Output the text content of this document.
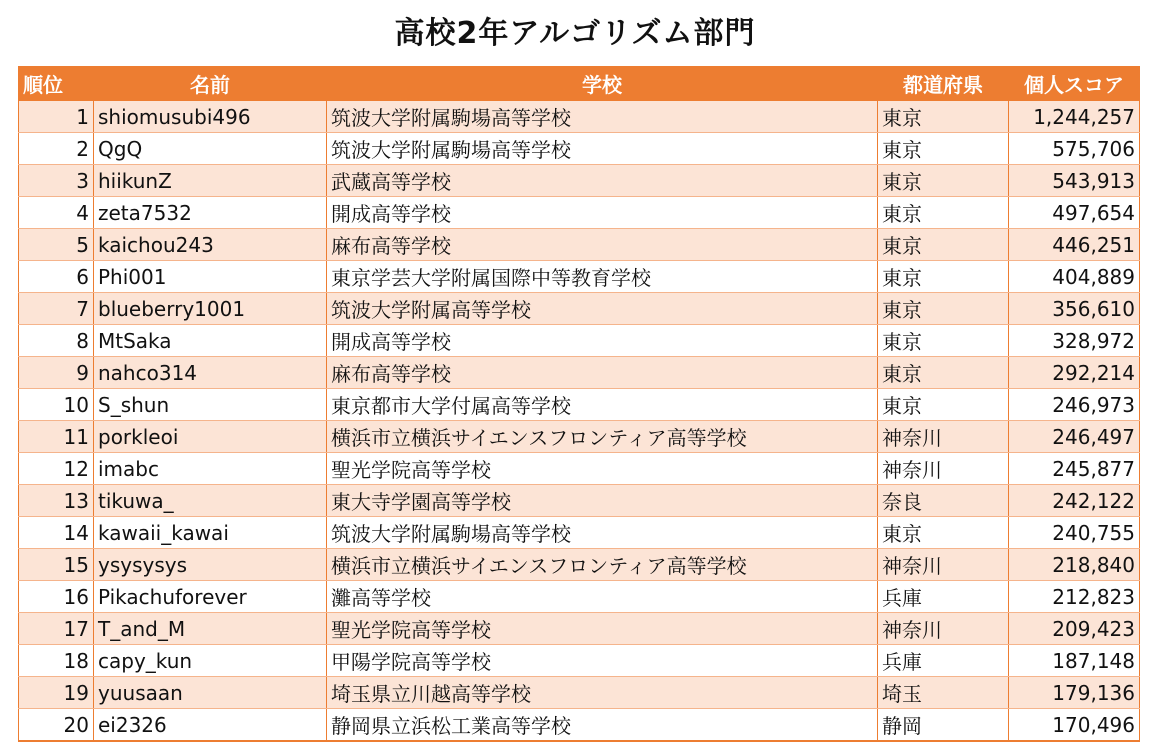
高校2年アルゴリズム部門
順位	名前	学校	都道府県	個人スコア
1	shiomusubi496	筑波大学附属駒場高等学校	東京	1,244,257
2	QgQ	筑波大学附属駒場高等学校	東京	575,706
3	hiikunZ	武蔵高等学校	東京	543,913
4	zeta7532	開成高等学校	東京	497,654
5	kaichou243	麻布高等学校	東京	446,251
6	Phi001	東京学芸大学附属国際中等教育学校	東京	404,889
7	blueberry1001	筑波大学附属高等学校	東京	356,610
8	MtSaka	開成高等学校	東京	328,972
9	nahco314	麻布高等学校	東京	292,214
10	S_shun	東京都市大学付属高等学校	東京	246,973
11	porkleoi	横浜市立横浜サイエンスフロンティア高等学校	神奈川	246,497
12	imabc	聖光学院高等学校	神奈川	245,877
13	tikuwa_	東大寺学園高等学校	奈良	242,122
14	kawaii_kawai	筑波大学附属駒場高等学校	東京	240,755
15	ysysysys	横浜市立横浜サイエンスフロンティア高等学校	神奈川	218,840
16	Pikachuforever	灘高等学校	兵庫	212,823
17	T_and_M	聖光学院高等学校	神奈川	209,423
18	capy_kun	甲陽学院高等学校	兵庫	187,148
19	yuusaan	埼玉県立川越高等学校	埼玉	179,136
20	ei2326	静岡県立浜松工業高等学校	静岡	170,496
